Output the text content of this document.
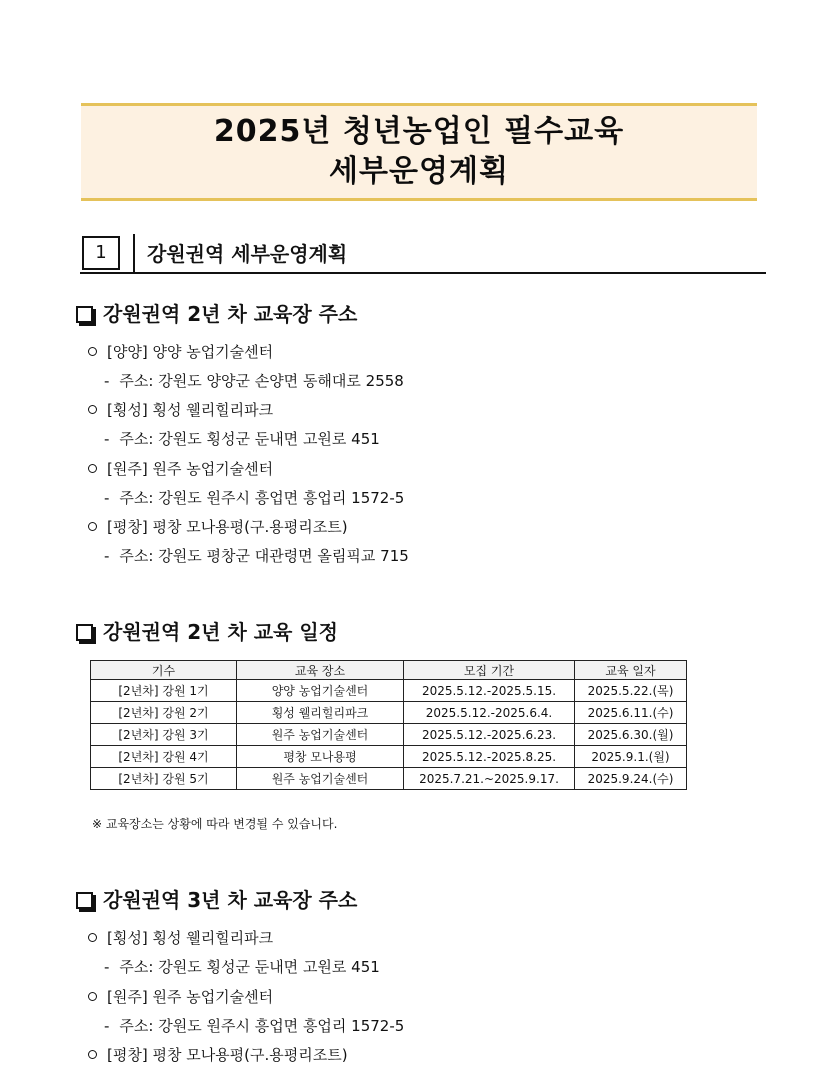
2025년 청년농업인 필수교육
세부운영계획
1	강원권역 세부운영계획
강원권역 2년 차 교육장 주소
[양양] 양양 농업기술센터
- 주소: 강원도 양양군 손양면 동해대로 2558
[횡성] 횡성 웰리힐리파크
- 주소: 강원도 횡성군 둔내면 고원로 451
[원주] 원주 농업기술센터
- 주소: 강원도 원주시 흥업면 흥업리 1572-5
[평창] 평창 모나용평(구.용평리조트)
- 주소: 강원도 평창군 대관령면 올림픽교 715
강원권역 2년 차 교육 일정
기수	교육 장소	모집 기간	교육 일자
[2년차] 강원 1기	양양 농업기술센터	2025.5.12.-2025.5.15.	2025.5.22.(목)
[2년차] 강원 2기	횡성 웰리힐리파크	2025.5.12.-2025.6.4.	2025.6.11.(수)
[2년차] 강원 3기	원주 농업기술센터	2025.5.12.-2025.6.23.	2025.6.30.(월)
[2년차] 강원 4기	평창 모나용평	2025.5.12.-2025.8.25.	2025.9.1.(월)
[2년차] 강원 5기	원주 농업기술센터	2025.7.21.~2025.9.17.	2025.9.24.(수)
※ 교육장소는 상황에 따라 변경될 수 있습니다.
강원권역 3년 차 교육장 주소
[횡성] 횡성 웰리힐리파크
- 주소: 강원도 횡성군 둔내면 고원로 451
[원주] 원주 농업기술센터
- 주소: 강원도 원주시 흥업면 흥업리 1572-5
[평창] 평창 모나용평(구.용평리조트)
